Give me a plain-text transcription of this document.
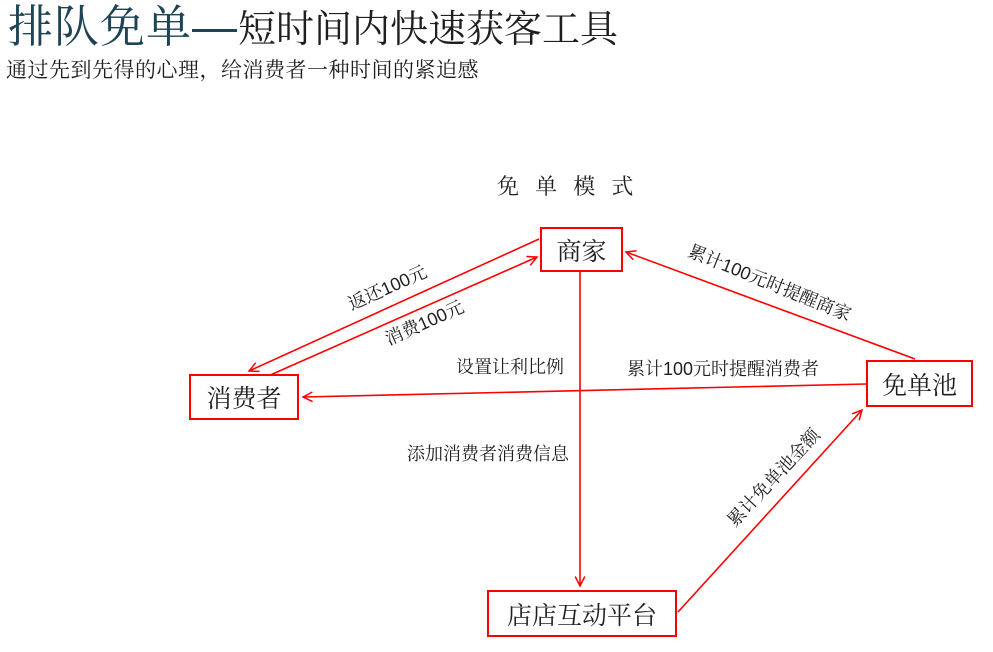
排队免单—短时间内快速获客工具
通过先到先得的心理，给消费者一种时间的紧迫感
免 单 模 式
商家
消费者	免单池
店店互动平台
返还100元
消费100元	累计100元时提醒商家
设置让利比例	累计100元时提醒消费者
添加消费者消费信息	累计免单池金额
